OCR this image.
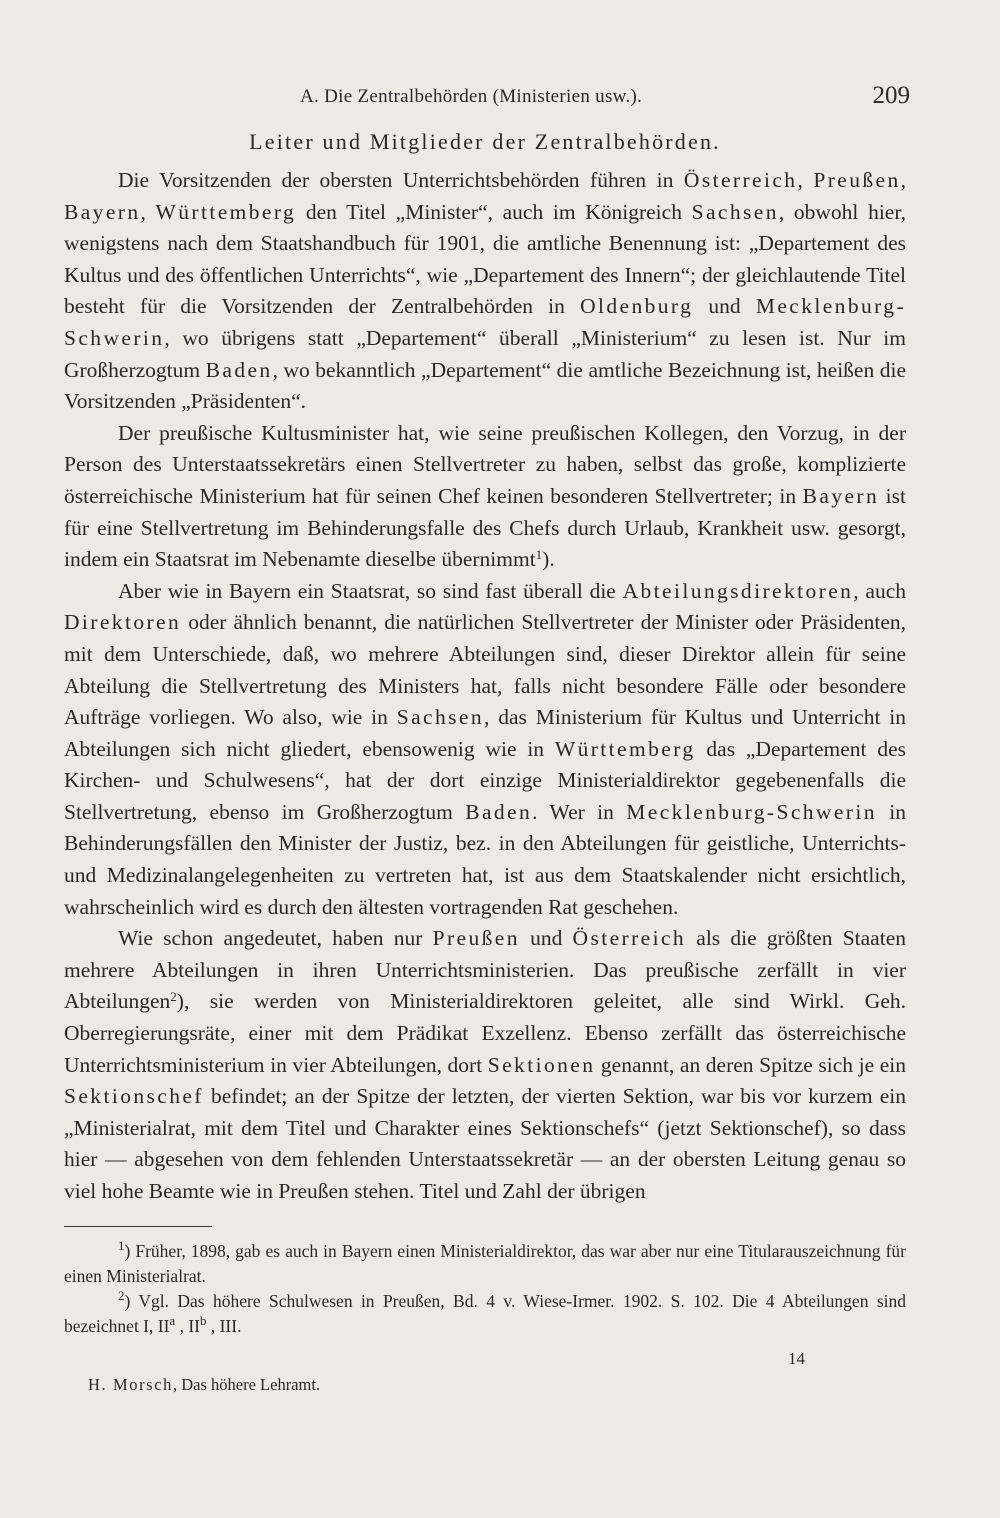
A. Die Zentralbehörden (Ministerien usw.).	209
Leiter und Mitglieder der Zentralbehörden.

Die Vorsitzenden der obersten Unterrichtsbehörden führen in Österreich, Preußen, Bayern, Württemberg den Titel „Minister“, auch im Königreich Sachsen, obwohl hier, wenigstens nach dem Staatshandbuch für 1901, die amtliche Benennung ist: „Departement des Kultus und des öffentlichen Unterrichts“, wie „Departement des Innern“; der gleichlautende Titel besteht für die Vorsitzenden der Zentralbehörden in Oldenburg und Mecklenburg-Schwerin, wo übrigens statt „Departement“ überall „Ministerium“ zu lesen ist. Nur im Großherzogtum Baden, wo bekanntlich „Departement“ die amtliche Bezeichnung ist, heißen die Vorsitzenden „Präsidenten“.

Der preußische Kultusminister hat, wie seine preußischen Kollegen, den Vorzug, in der Person des Unterstaatssekretärs einen Stellvertreter zu haben, selbst das große, komplizierte österreichische Ministerium hat für seinen Chef keinen besonderen Stellvertreter; in Bayern ist für eine Stellvertretung im Behinderungsfalle des Chefs durch Urlaub, Krankheit usw. gesorgt, indem ein Staatsrat im Nebenamte dieselbe übernimmt$^1$).

Aber wie in Bayern ein Staatsrat, so sind fast überall die Abteilungsdirektoren, auch Direktoren oder ähnlich benannt, die natürlichen Stellvertreter der Minister oder Präsidenten, mit dem Unterschiede, daß, wo mehrere Abteilungen sind, dieser Direktor allein für seine Abteilung die Stellvertretung des Ministers hat, falls nicht besondere Fälle oder besondere Aufträge vorliegen. Wo also, wie in Sachsen, das Ministerium für Kultus und Unterricht in Abteilungen sich nicht gliedert, ebensowenig wie in Württemberg das „Departement des Kirchen- und Schulwesens“, hat der dort einzige Ministerialdirektor gegebenenfalls die Stellvertretung, ebenso im Großherzogtum Baden. Wer in Mecklenburg-Schwerin in Behinderungsfällen den Minister der Justiz, bez. in den Abteilungen für geistliche, Unterrichts- und Medizinalangelegenheiten zu vertreten hat, ist aus dem Staatskalender nicht ersichtlich, wahrscheinlich wird es durch den ältesten vortragenden Rat geschehen.

Wie schon angedeutet, haben nur Preußen und Österreich als die größten Staaten mehrere Abteilungen in ihren Unterrichtsministerien. Das preußische zerfällt in vier Abteilungen$^2$), sie werden von Ministerialdirektoren geleitet, alle sind Wirkl. Geh. Oberregierungsräte, einer mit dem Prädikat Exzellenz. Ebenso zerfällt das österreichische Unterrichtsministerium in vier Abteilungen, dort Sektionen genannt, an deren Spitze sich je ein Sektionschef befindet; an der Spitze der letzten, der vierten Sektion, war bis vor kurzem ein „Ministerialrat, mit dem Titel und Charakter eines Sektionschefs“ (jetzt Sektionschef), so dass hier — abgesehen von dem fehlenden Unterstaatssekretär — an der obersten Leitung genau so viel hohe Beamte wie in Preußen stehen. Titel und Zahl der übrigen

$^1$) Früher, 1898, gab es auch in Bayern einen Ministerialdirektor, das war aber nur eine Titularauszeichnung für einen Ministerialrat.

$^2$) Vgl. Das höhere Schulwesen in Preußen, Bd. 4 v. Wiese-Irmer. 1902. S. 102. Die 4 Abteilungen sind bezeichnet I, $II^a$ , $II^b$ , III.

H. Morsch, Das höhere Lehramt.
14
